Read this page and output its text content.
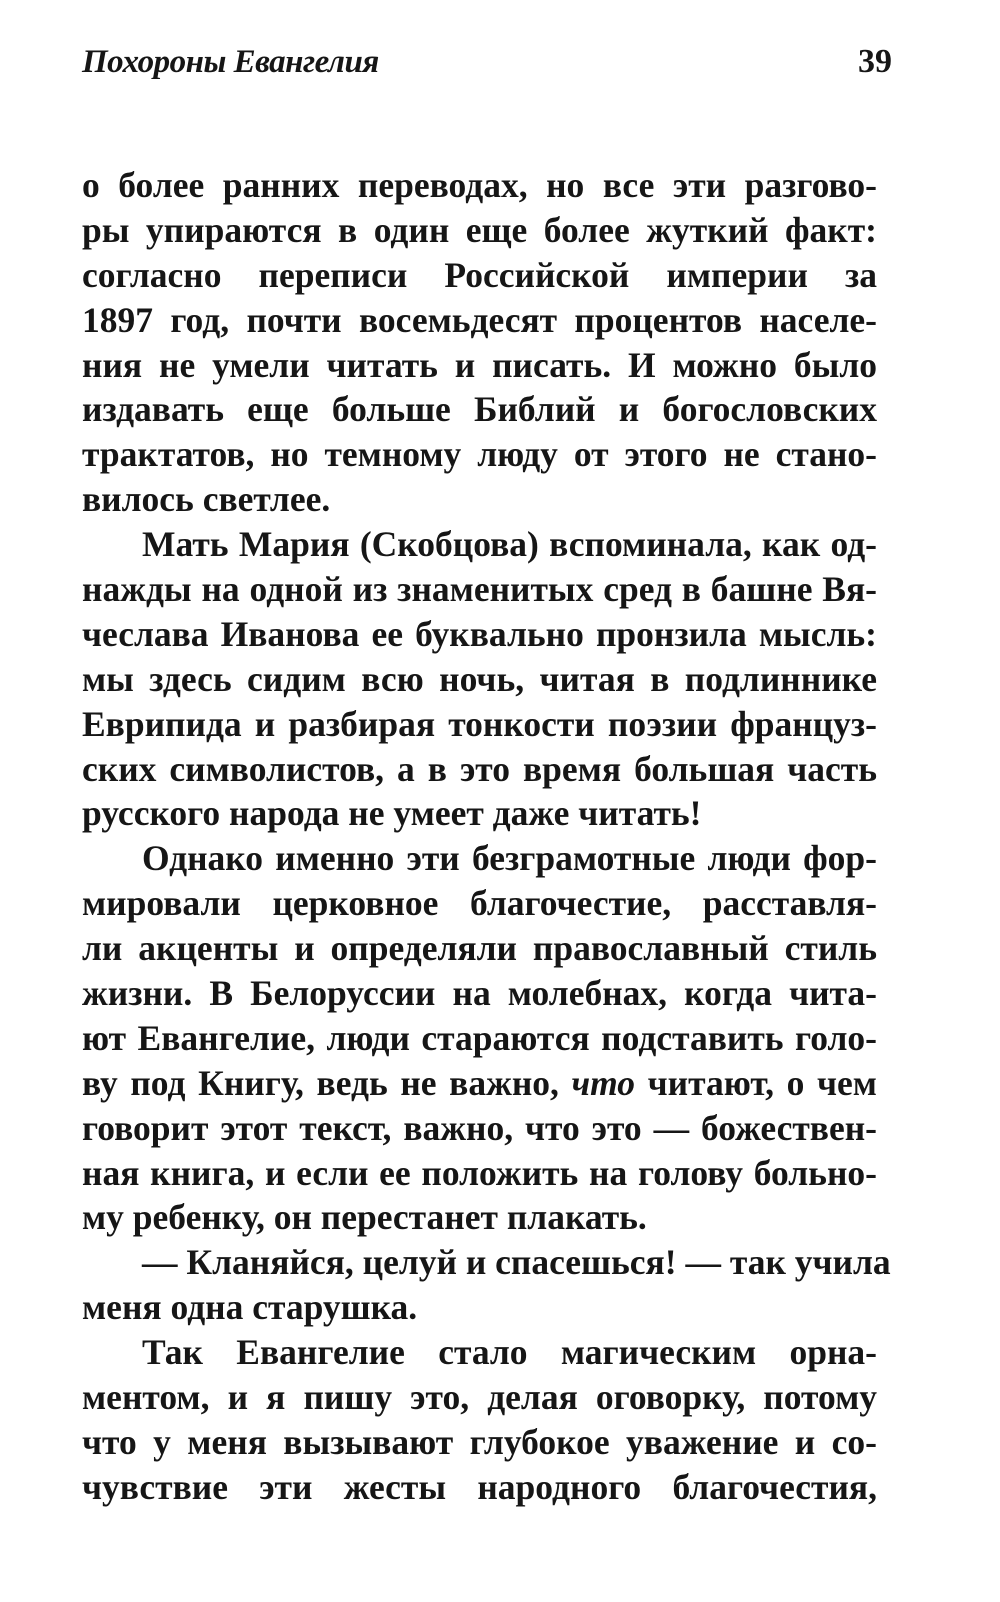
Похороны Евангелия	39
о более ранних переводах, но все эти разгово-
ры упираются в один еще более жуткий факт:
согласно переписи Российской империи за
1897 год, почти восемьдесят процентов населе-
ния не умели читать и писать. И можно было
издавать еще больше Библий и богословских
трактатов, но темному люду от этого не стано-
вилось светлее.
Мать Мария (Скобцова) вспоминала, как од-
нажды на одной из знаменитых сред в башне Вя-
чеслава Иванова ее буквально пронзила мысль:
мы здесь сидим всю ночь, читая в подлиннике
Еврипида и разбирая тонкости поэзии француз-
ских символистов, а в это время большая часть
русского народа не умеет даже читать!
Однако именно эти безграмотные люди фор-
мировали церковное благочестие, расставля-
ли акценты и определяли православный стиль
жизни. В Белоруссии на молебнах, когда чита-
ют Евангелие, люди стараются подставить голо-
ву под Книгу, ведь не важно, что читают, о чем
говорит этот текст, важно, что это — божествен-
ная книга, и если ее положить на голову больно-
му ребенку, он перестанет плакать.
— Кланяйся, целуй и спасешься! — так учила
меня одна старушка.
Так Евангелие стало магическим орна-
ментом, и я пишу это, делая оговорку, потому
что у меня вызывают глубокое уважение и со-
чувствие эти жесты народного благочестия,
